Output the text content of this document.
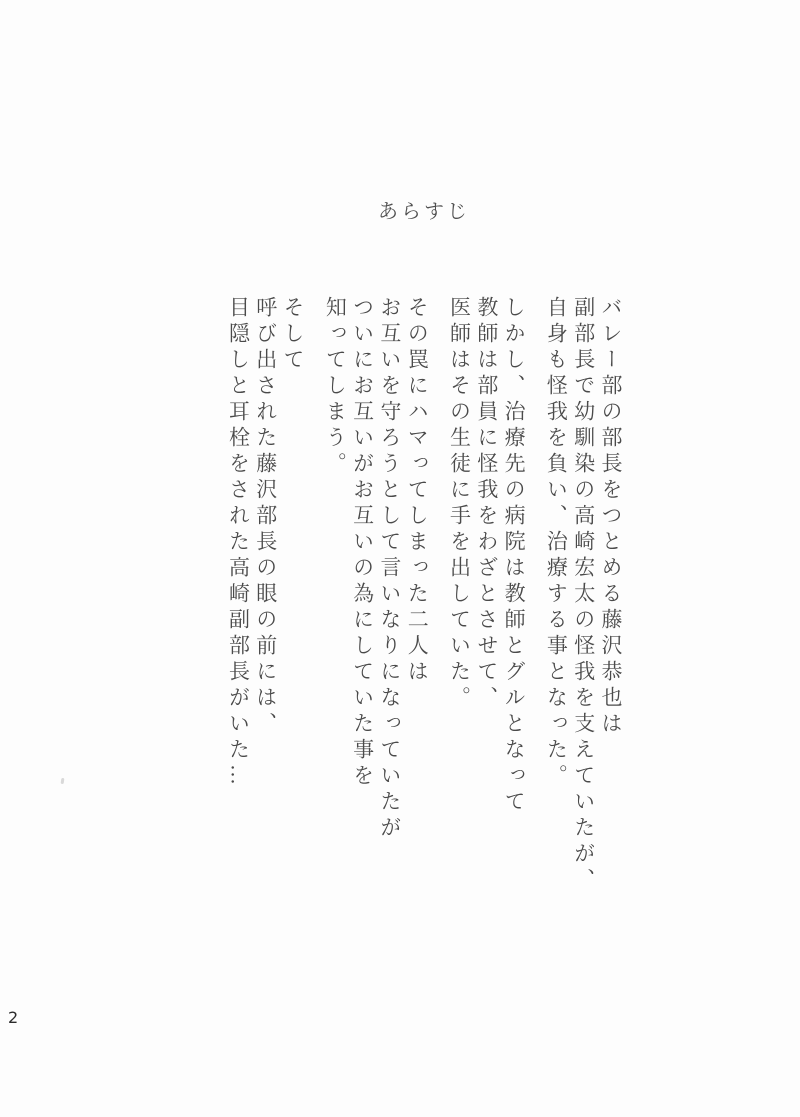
あらすじ

バレー部の部長をつとめる藤沢恭也は
副部長で幼馴染の高崎宏太の怪我を支えていたが、
自身も怪我を負い、治療する事となった。

しかし、治療先の病院は教師とグルとなって
教師は部員に怪我をわざとさせて、
医師はその生徒に手を出していた。

その罠にハマってしまった二人は
お互いを守ろうとして言いなりになっていたが
ついにお互いがお互いの為にしていた事を
知ってしまう。

そして
呼び出された藤沢部長の眼の前には、
目隠しと耳栓をされた高崎副部長がいた…

2
